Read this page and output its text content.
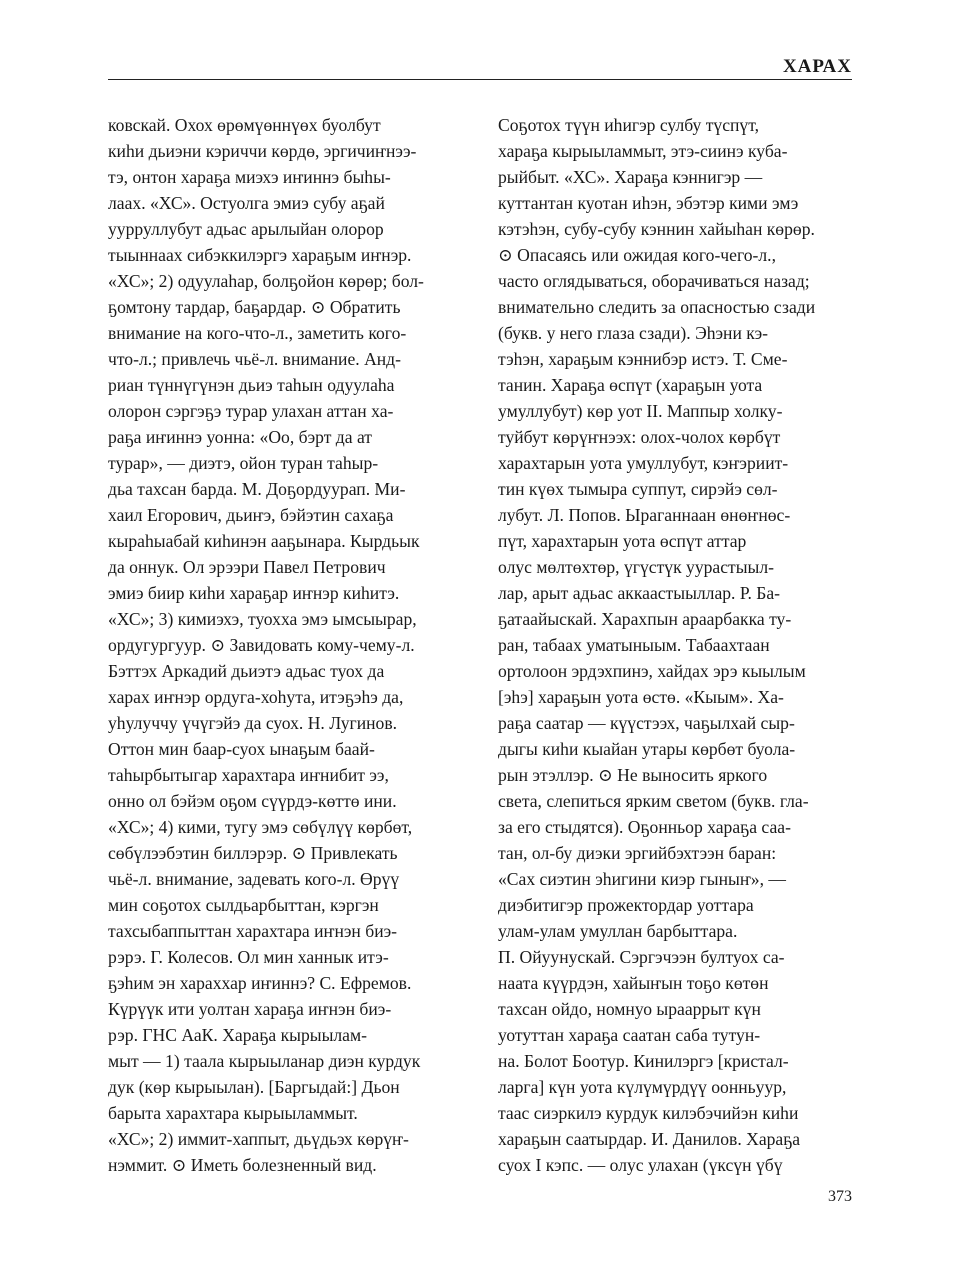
ХАРАХ
ковскай. Охох өрөмүөннүөх буолбут
киhи дьиэни кэриччи көрдө, эргичиҥнээ-
тэ, онтон хараҕа миэхэ иҥиннэ быhы-
лаах. «ХС». Остуолга эмиэ субу аҕай
уурруллубут адьас арылыйан олорор
тыыннаах сибэккилэргэ хараҕым иҥнэр.
«ХС»; 2) одуулаhар, болҕойон көрөр; бол-
ҕомтону тардар, баҕардар. ⊙ Обратить
внимание на кого-что-л., заметить кого-
что-л.; привлечь чьё-л. внимание. Анд-
риан түннүгүнэн дьиэ таhын одуулаhа
олорон сэргэҕэ турар улахан аттан ха-
раҕа иҥиннэ уонна: «Оо, бэрт да ат
турар», — диэтэ, ойон туран таhыр-
дьа тахсан барда. М. Доҕордуурап. Ми-
хаил Егорович, дьиҥэ, бэйэтин сахаҕа
кыраhыабай киhинэн ааҕынара. Кырдьык
да оннук. Ол эрээри Павел Петрович
эмиэ биир киhи хараҕар иҥнэр киhитэ.
«ХС»; 3) кимиэхэ, туохха эмэ ымсыырар,
ордугургуур. ⊙ Завидовать кому-чему-л.
Бэттэх Аркадий дьиэтэ адьас туох да
харах иҥнэр ордуга-хоhута, итэҕэhэ да,
уhулуччу үчүгэйэ да суох. Н. Лугинов.
Оттон мин баар-суох ынаҕым баай-
таhырбытыгар харахтара иҥнибит ээ,
онно ол бэйэм оҕом сүүрдэ-көттө ини.
«ХС»; 4) кими, тугу эмэ сөбүлүү көрбөт,
сөбүлээбэтин биллэрэр. ⊙ Привлекать
чьё-л. внимание, задевать кого-л. Өрүү
мин соҕотох сылдьарбыттан, кэргэн
тахсыбаппыттан харахтара иҥнэн биэ-
рэрэ. Г. Колесов. Ол мин ханнык итэ-
ҕэhим эн хараххар иҥиннэ? С. Ефремов.
Күрүүк ити уолтан хараҕа иҥнэн биэ-
рэр. ГНС АаК. Хараҕа кырыылам-
мыт — 1) таала кырыыланар диэн курдук
дук (көр кырыылан). [Баргыдай:] Дьон
барыта харахтара кырыыламмыт.
«ХС»; 2) иммит-хаппыт, дьүдьэх көрүҥ-
нэммит. ⊙ Иметь болезненный вид.
Соҕотох түүн иhигэр сулбу түспүт,
хараҕа кырыыламмыт, этэ-сиинэ куба-
рыйбыт. «ХС». Хараҕа кэннигэр —
куттантан куотан иhэн, эбэтэр кими эмэ
кэтэhэн, субу-субу кэннин хайыhан көрөр.
⊙ Опасаясь или ожидая кого-чего-л.,
часто оглядываться, оборачиваться назад;
внимательно следить за опасностью сзади
(букв. у него глаза сзади). Эhэни кэ-
тэhэн, хараҕым кэннибэр истэ. Т. Сме-
танин. Хараҕа өспүт (хараҕын уота
умуллубут) көр уот II. Маппыр холку-
туйбут көрүҥнээх: олох-чолох көрбүт
харахтарын уота умуллубут, кэҥэриит-
тин күөх тымыра суппут, сирэйэ сөл-
лубут. Л. Попов. Ыраганнаан өнөҥнөс-
пүт, харахтарын уота өспүт аттар
олус мөлтөхтөр, үгүстүк уурастыыл-
лар, арыт адьас аккаастыыллар. Р. Ба-
ҕатаайыскай. Харахпын араарбакка ту-
ран, табаах уматыныым. Табаахтаан
ортолоон эрдэхпинэ, хайдах эрэ кыылым
[эhэ] хараҕын уота өстө. «Кыым». Ха-
раҕа саатар — күүстээх, чаҕылхай сыр-
дыгы киhи кыайан утары көрбөт буола-
рын этэллэр. ⊙ Не выносить яркого
света, слепиться ярким светом (букв. гла-
за его стыдятся). Оҕонньор хараҕа саа-
тан, ол-бу диэки эргийбэхтээн баран:
«Сах сиэтин эhигини киэр гыныҥ», —
диэбитигэр прожектордар уоттара
улам-улам умуллан барбыттара.
П. Ойуунускай. Сэргэчээн бултуох са-
наата күүрдэн, хайыҥын тоҕо көтөн
тахсан ойдо, номнуо ыраappыт күн
уотуттан хараҕа саатан саба тутун-
на. Болот Боотур. Кинилэргэ [кристал-
ларга] күн уота күлүмүрдүү оонньуур,
таас сиэркилэ курдук килэбэчийэн киhи
хараҕын саатырдар. И. Данилов. Хараҕа
суох I кэпс. — олус улахан (үксүн үбү
373
